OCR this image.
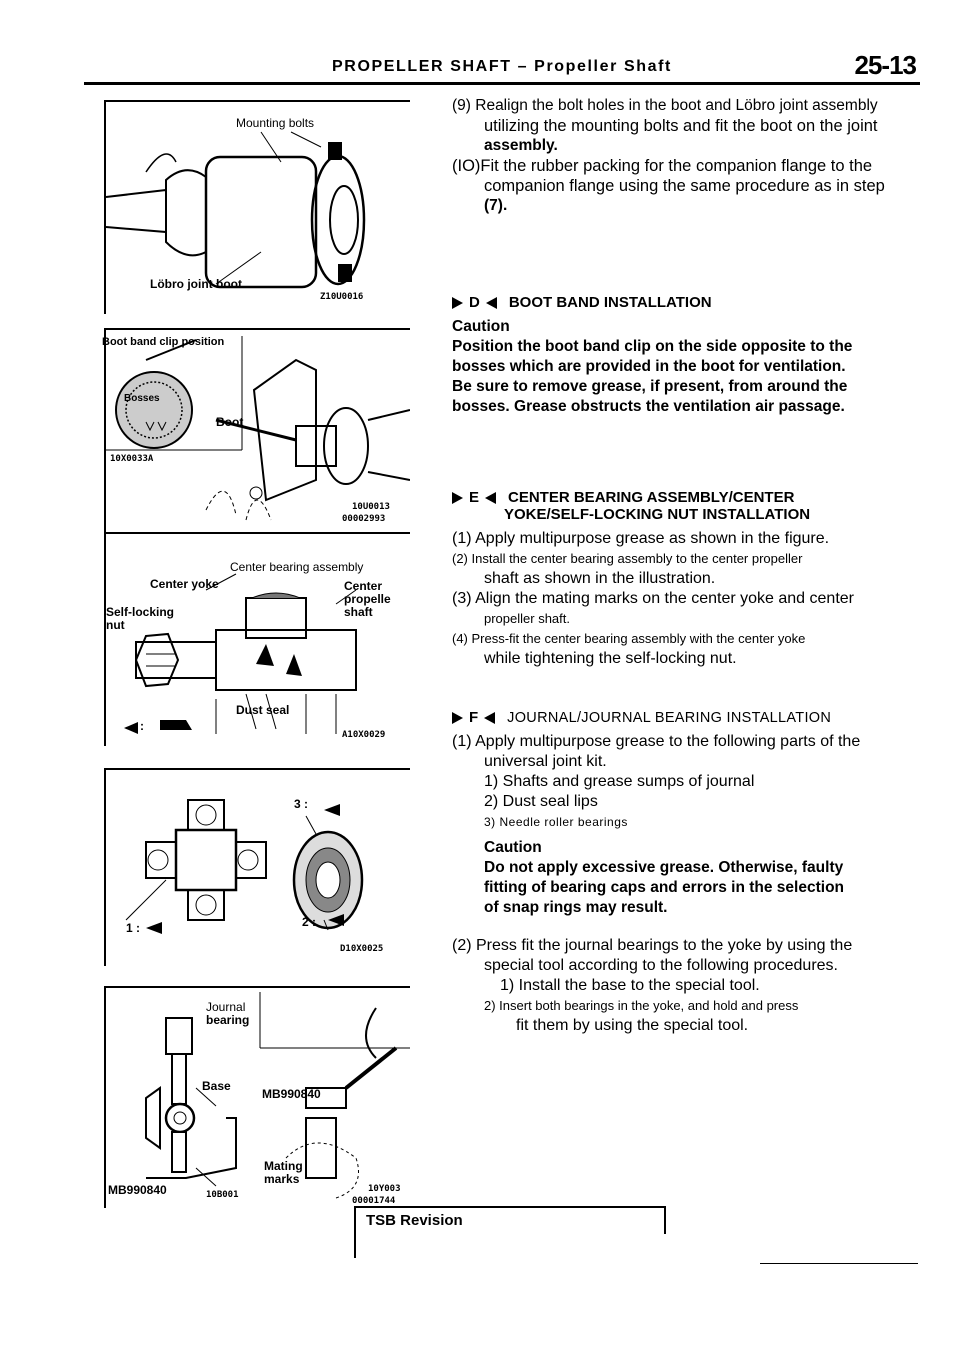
PROPELLER SHAFT – Propeller Shaft	25-13
Mounting bolts
Löbro joint boot
Z10U0016
Boot band clip position
Bosses
Boot
10X0033A
10U0013
00002993
Center bearing assembly
Center yoke	Center propelle shaft
Self-locking nut
Dust seal
:
A10X0029
3 :
1 :	2 :
D10X0025
Journal
bearing
Base
MB990840
MB990840
Mating marks
10B001
10Y003
00001744
(9) Realign the bolt holes in the boot and Löbro joint assembly
utilizing the mounting bolts and fit the boot on the joint
assembly.
(IO)Fit the rubber packing for the companion flange to the
companion flange using the same procedure as in step
(7).
D BOOT BAND INSTALLATION
Caution
Position the boot band clip on the side opposite to the
bosses which are provided in the boot for ventilation.
Be sure to remove grease, if present, from around the
bosses. Grease obstructs the ventilation air passage.
E CENTER BEARING ASSEMBLY/CENTER
YOKE/SELF-LOCKING NUT INSTALLATION
(1) Apply multipurpose grease as shown in the figure.
(2) Install the center bearing assembly to the center propeller
shaft as shown in the illustration.
(3) Align the mating marks on the center yoke and center
propeller shaft.
(4) Press-fit the center bearing assembly with the center yoke
while tightening the self-locking nut.
F JOURNAL/JOURNAL BEARING INSTALLATION
(1) Apply multipurpose grease to the following parts of the
universal joint kit.
1) Shafts and grease sumps of journal
2) Dust seal lips
3) Needle roller bearings
Caution
Do not apply excessive grease. Otherwise, faulty
fitting of bearing caps and errors in the selection
of snap rings may result.
(2) Press fit the journal bearings to the yoke by using the
special tool according to the following procedures.
1) Install the base to the special tool.
2) Insert both bearings in the yoke, and hold and press
fit them by using the special tool.
TSB Revision
